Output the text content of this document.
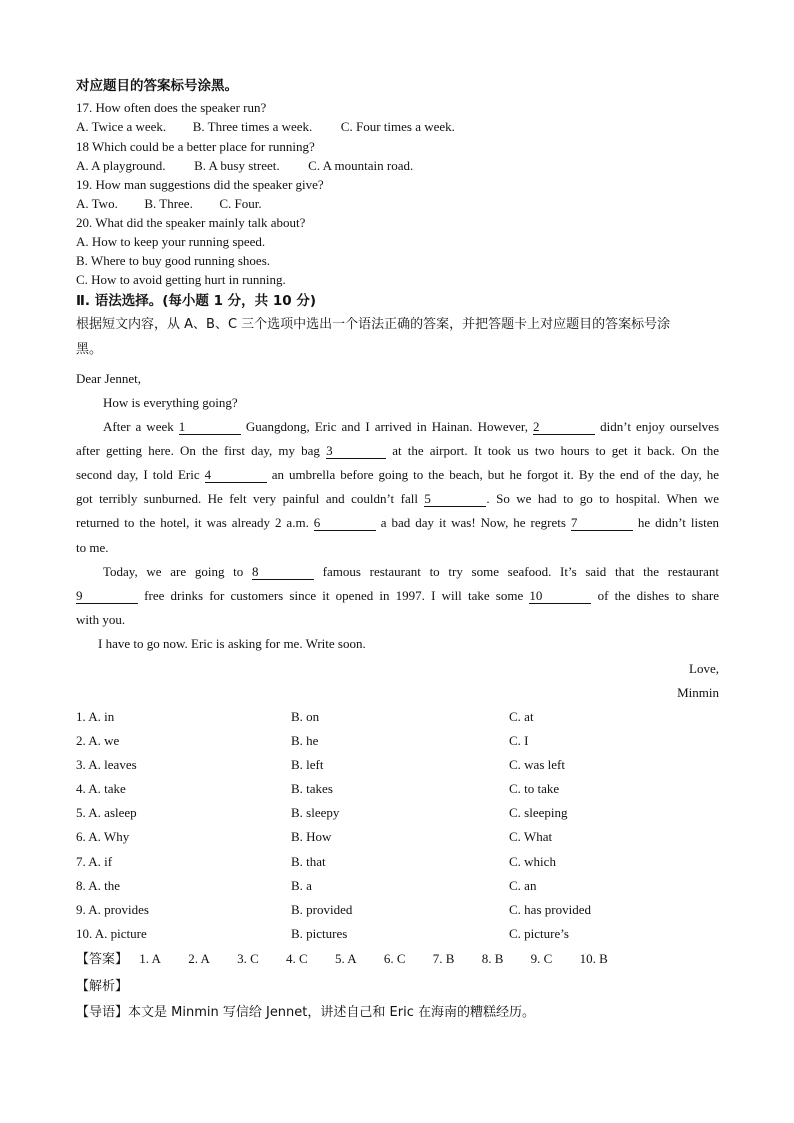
对应题目的答案标号涂黑。
17. How often does the speaker run?
A. Twice a week. B. Three times a week. C. Four times a week.
18 Which could be a better place for running?
A. A playground. B. A busy street. C. A mountain road.
19. How man suggestions did the speaker give?
A. Two. B. Three. C. Four.
20. What did the speaker mainly talk about?
A. How to keep your running speed.
B. Where to buy good running shoes.
C. How to avoid getting hurt in running.
Ⅱ. 语法选择。(每小题 1 分，共 10 分)
根据短文内容，从 A、B、C 三个选项中选出一个语法正确的答案，并把答题卡上对应题目的答案标号涂
黑。
Dear Jennet,
How is everything going?
After a week 1	Guangdong, Eric and I arrived in Hainan. However, 2	didn’t enjoy ourselves
after getting here. On the first day, my bag 3	at the airport. It took us two hours to get it back. On the
second day, I told Eric 4	an umbrella before going to the beach, but he forgot it. By the end of the day, he
got terribly sunburned. He felt very painful and couldn’t fall 5	. So we had to go to hospital. When we
returned to the hotel, it was already 2 a.m. 6	a bad day it was! Now, he regrets 7	he didn’t listen
to me.
Today, we are going to 8	famous restaurant to try some seafood. It’s said that the restaurant
9	free drinks for customers since it opened in 1997. I will take some 10	of the dishes to share
with you.
I have to go now. Eric is asking for me. Write soon.
Love,
Minmin
1. A. in	B. on	C. at
2. A. we	B. he	C. I
3. A. leaves	B. left	C. was left
4. A. take	B. takes	C. to take
5. A. asleep	B. sleepy	C. sleeping
6. A. Why	B. How	C. What
7. A. if	B. that	C. which
8. A. the	B. a	C. an
9. A. provides	B. provided	C. has provided
10. A. picture	B. pictures	C. picture’s
【答案】 1. A 2. A 3. C 4. C 5. A 6. C 7. B 8. B 9. C 10. B
【解析】
【导语】本文是 Minmin 写信给 Jennet，讲述自己和 Eric 在海南的糟糕经历。
